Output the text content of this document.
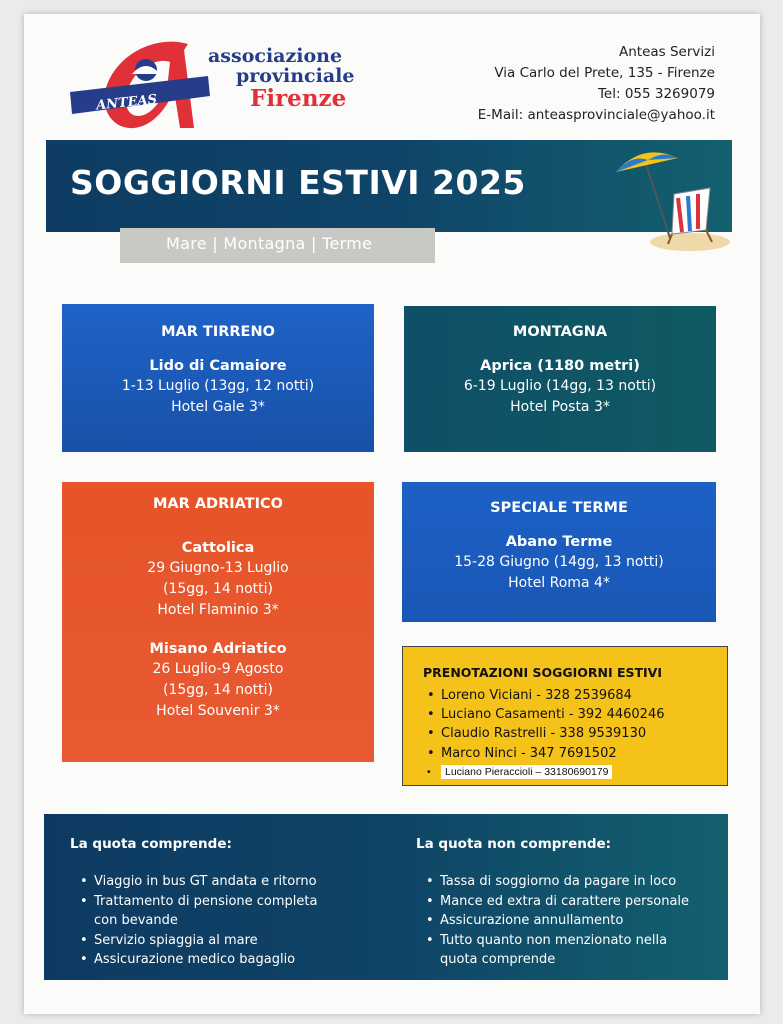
ANTEAS
associazione
provinciale
Firenze
Anteas Servizi
Via Carlo del Prete, 135 - Firenze
Tel: 055 3269079
E-Mail: anteasprovinciale@yahoo.it
SOGGIORNI ESTIVI 2025
Mare | Montagna | Terme
MAR TIRRENO
Lido di Camaiore
1-13 Luglio (13gg, 12 notti)
Hotel Gale 3*
MONTAGNA
Aprica (1180 metri)
6-19 Luglio (14gg, 13 notti)
Hotel Posta 3*
MAR ADRIATICO
Cattolica
29 Giugno-13 Luglio
(15gg, 14 notti)
Hotel Flaminio 3*
Misano Adriatico
26 Luglio-9 Agosto
(15gg, 14 notti)
Hotel Souvenir 3*
SPECIALE TERME
Abano Terme
15-28 Giugno (14gg, 13 notti)
Hotel Roma 4*
PRENOTAZIONI SOGGIORNI ESTIVI
• Loreno Viciani - 328 2539684
• Luciano Casamenti - 392 4460246
• Claudio Rastrelli - 338 9539130
• Marco Ninci - 347 7691502
• Luciano Pieraccioli – 33180690179
La quota comprende:
• Viaggio in bus GT andata e ritorno
• Trattamento di pensione completa
con bevande
• Servizio spiaggia al mare
• Assicurazione medico bagaglio
La quota non comprende:
• Tassa di soggiorno da pagare in loco
• Mance ed extra di carattere personale
• Assicurazione annullamento
• Tutto quanto non menzionato nella
quota comprende
